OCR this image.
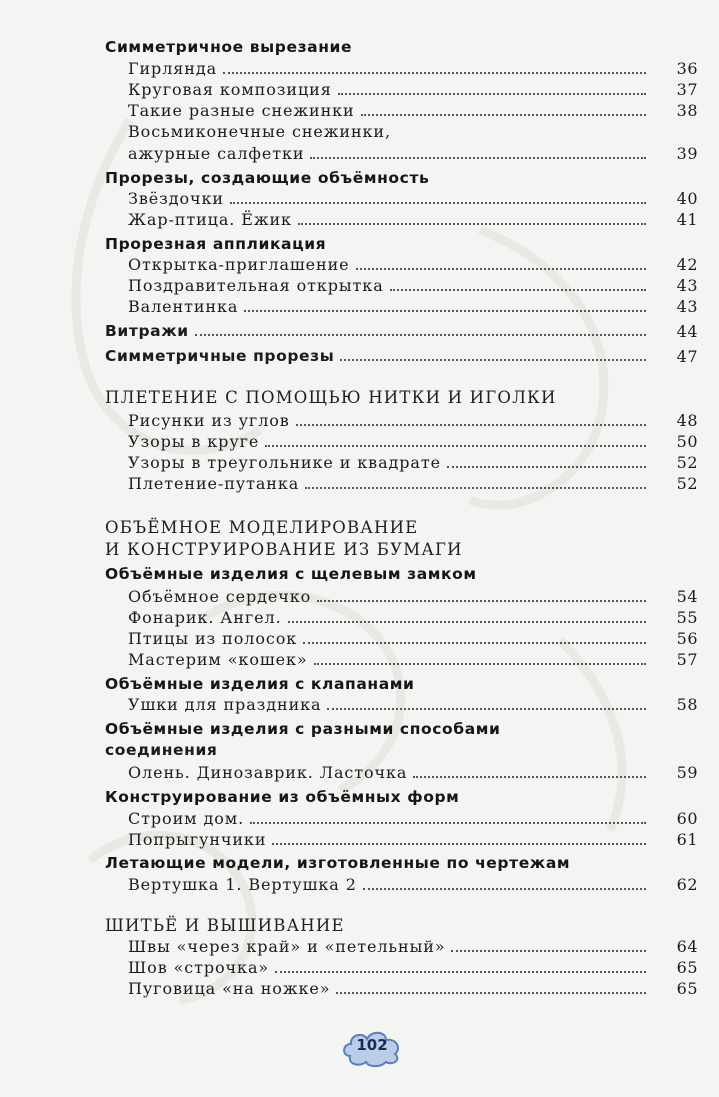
Симметричное вырезание
Гирлянда	36
Круговая композиция	37
Такие разные снежинки	38
Восьмиконечные снежинки,
ажурные салфетки	39
Прорезы, создающие объёмность
Звёздочки	40
Жар-птица. Ёжик	41
Прорезная аппликация
Открытка-приглашение	42
Поздравительная открытка	43
Валентинка	43
Витражи	44
Симметричные прорезы	47
ПЛЕТЕНИЕ С ПОМОЩЬЮ НИТКИ И ИГОЛКИ
Рисунки из углов	48
Узоры в круге	50
Узоры в треугольнике и квадрате	52
Плетение-путанка	52
ОБЪЁМНОЕ МОДЕЛИРОВАНИЕ
И КОНСТРУИРОВАНИЕ ИЗ БУМАГИ
Объёмные изделия с щелевым замком
Объёмное сердечко	54
Фонарик. Ангел.	55
Птицы из полосок	56
Мастерим «кошек»	57
Объёмные изделия с клапанами
Ушки для праздника	58
Объёмные изделия с разными способами
соединения
Олень. Динозаврик. Ласточка	59
Конструирование из объёмных форм
Строим дом.	60
Попрыгунчики	61
Летающие модели, изготовленные по чертежам
Вертушка 1. Вертушка 2	62
ШИТЬЁ И ВЫШИВАНИЕ
Швы «через край» и «петельный»	64
Шов «строчка»	65
Пуговица «на ножке»	65
102
